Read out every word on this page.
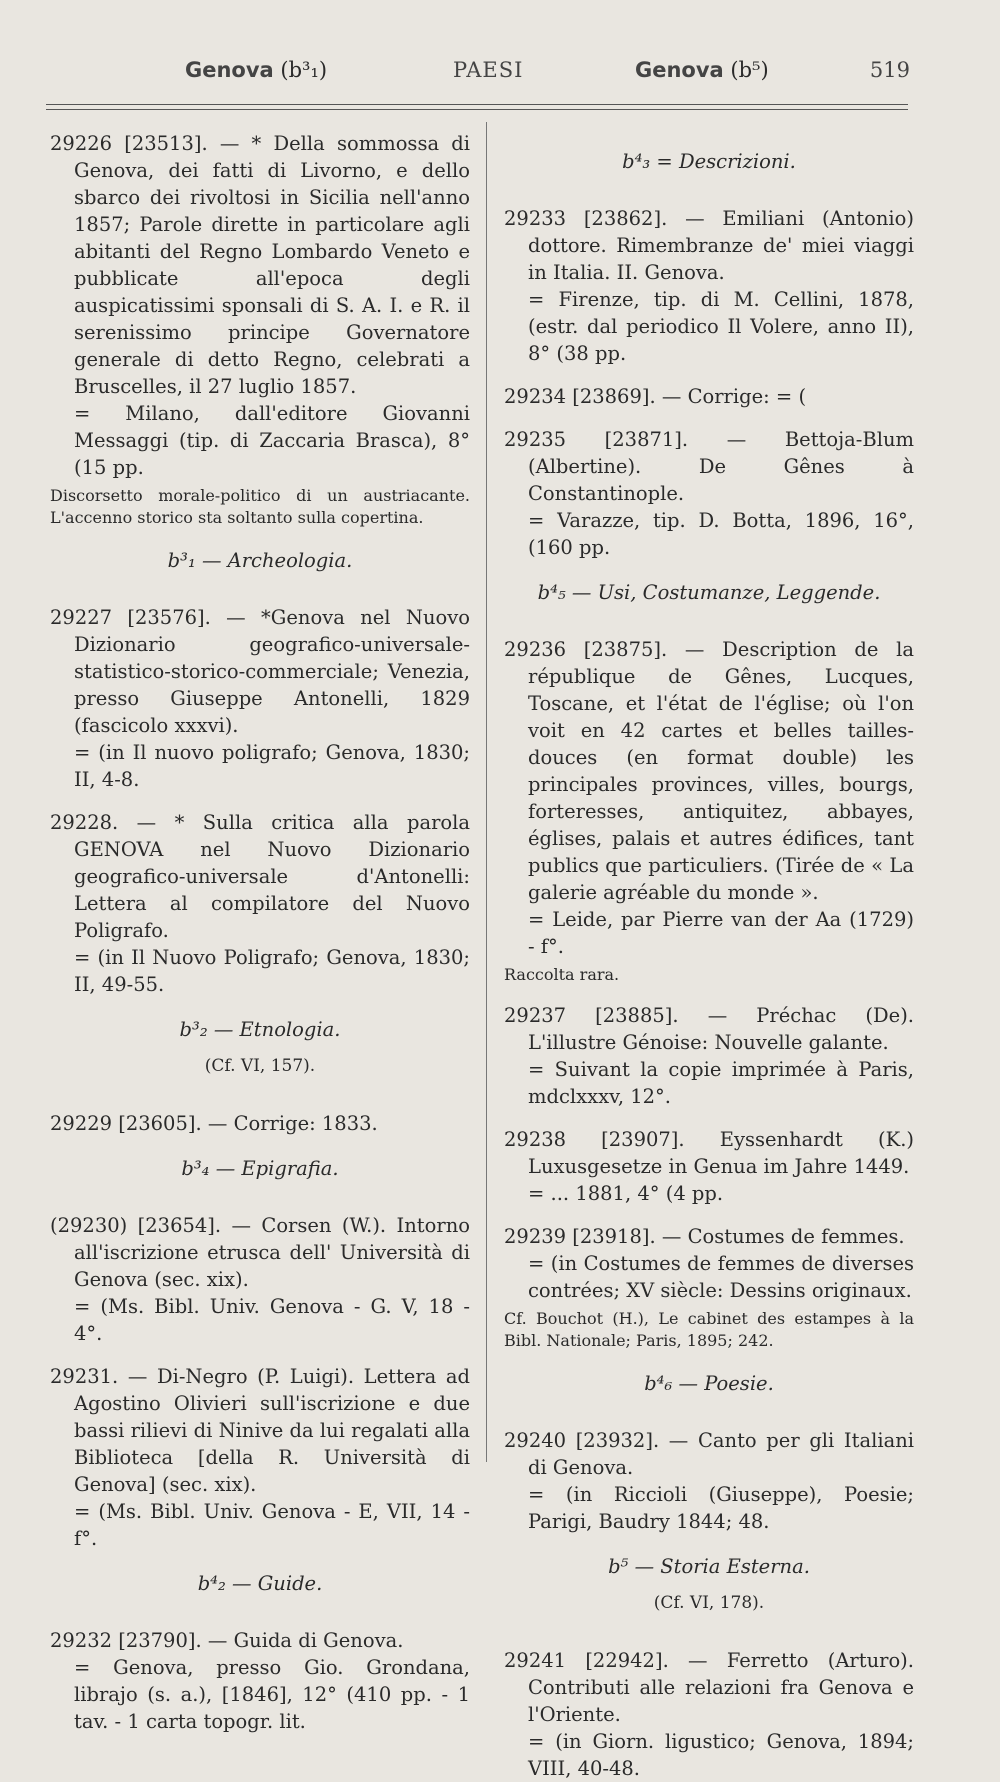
Genova (b³₁)	PAESI	Genova (b⁵)	519

29226 [23513]. — * Della sommossa di Genova, dei fatti di Livorno, e dello sbarco dei rivoltosi in Sicilia nell'anno 1857; Parole dirette in particolare agli abitanti del Regno Lombardo Veneto e pubblicate all'epoca degli auspicatissimi sponsali di S. A. I. e R. il serenissimo principe Governatore generale di detto Regno, celebrati a Bruscelles, il 27 luglio 1857.

= Milano, dall'editore Giovanni Messaggi (tip. di Zaccaria Brasca), 8° (15 pp.

Discorsetto morale-politico di un austriacante. L'accenno storico sta soltanto sulla copertina.

b³₁ — Archeologia.

29227 [23576]. — *Genova nel Nuovo Dizionario geografico-universale-statistico-storico-commerciale; Venezia, presso Giuseppe Antonelli, 1829 (fascicolo xxxvi).

= (in Il nuovo poligrafo; Genova, 1830; II, 4-8.

29228. — * Sulla critica alla parola GENOVA nel Nuovo Dizionario geografico-universale d'Antonelli: Lettera al compilatore del Nuovo Poligrafo.

= (in Il Nuovo Poligrafo; Genova, 1830; II, 49-55.

b³₂ — Etnologia.

(Cf. VI, 157).

29229 [23605]. — Corrige: 1833.

b³₄ — Epigrafia.

(29230) [23654]. — Corsen (W.). Intorno all'iscrizione etrusca dell' Università di Genova (sec. xix).

= (Ms. Bibl. Univ. Genova - G. V, 18 - 4°.

29231. — Di-Negro (P. Luigi). Lettera ad Agostino Olivieri sull'iscrizione e due bassi rilievi di Ninive da lui regalati alla Biblioteca [della R. Università di Genova] (sec. xix).

= (Ms. Bibl. Univ. Genova - E, VII, 14 - f°.

b⁴₂ — Guide.

29232 [23790]. — Guida di Genova.

= Genova, presso Gio. Grondana, librajo (s. a.), [1846], 12° (410 pp. - 1 tav. - 1 carta topogr. lit.

b⁴₃ = Descrizioni.

29233 [23862]. — Emiliani (Antonio) dottore. Rimembranze de' miei viaggi in Italia. II. Genova.

= Firenze, tip. di M. Cellini, 1878, (estr. dal periodico Il Volere, anno II), 8° (38 pp.

29234 [23869]. — Corrige: = (

29235 [23871]. — Bettoja-Blum (Albertine). De Gênes à Constantinople.

= Varazze, tip. D. Botta, 1896, 16°, (160 pp.

b⁴₅ — Usi, Costumanze, Leggende.

29236 [23875]. — Description de la république de Gênes, Lucques, Toscane, et l'état de l'église; où l'on voit en 42 cartes et belles tailles-douces (en format double) les principales provinces, villes, bourgs, forteresses, antiquitez, abbayes, églises, palais et autres édifices, tant publics que particuliers. (Tirée de « La galerie agréable du monde ».

= Leide, par Pierre van der Aa (1729) - f°.

Raccolta rara.

29237 [23885]. — Préchac (De). L'illustre Génoise: Nouvelle galante.

= Suivant la copie imprimée à Paris, mdclxxxv, 12°.

29238 [23907]. Eyssenhardt (K.) Luxusgesetze in Genua im Jahre 1449.

= ... 1881, 4° (4 pp.

29239 [23918]. — Costumes de femmes.

= (in Costumes de femmes de diverses contrées; XV siècle: Dessins originaux.

Cf. Bouchot (H.), Le cabinet des estampes à la Bibl. Nationale; Paris, 1895; 242.

b⁴₆ — Poesie.

29240 [23932]. — Canto per gli Italiani di Genova.

= (in Riccioli (Giuseppe), Poesie; Parigi, Baudry 1844; 48.

b⁵ — Storia Esterna.

(Cf. VI, 178).

29241 [22942]. — Ferretto (Arturo). Contributi alle relazioni fra Genova e l'Oriente.

= (in Giorn. ligustico; Genova, 1894; VIII, 40-48.
